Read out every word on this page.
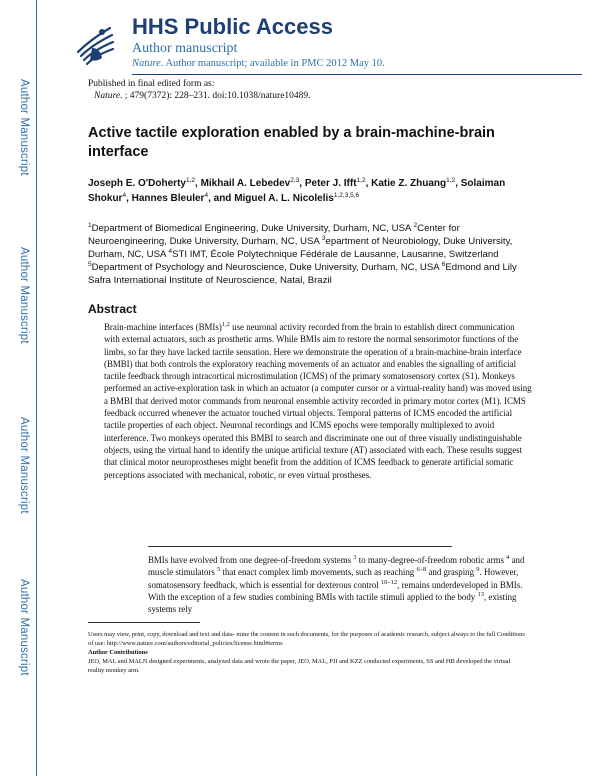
Author Manuscript
Author Manuscript
Author Manuscript
Author Manuscript
HHS Public Access
Author manuscript
Nature. Author manuscript; available in PMC 2012 May 10.
Published in final edited form as:
Nature. ; 479(7372): 228–231. doi:10.1038/nature10489.
Active tactile exploration enabled by a brain-machine-brain interface
Joseph E. O'Doherty$^{1,2}$, Mikhail A. Lebedev$^{2,3}$, Peter J. Ifft$^{1,2}$, Katie Z. Zhuang$^{1,2}$, Solaiman Shokur$^4$, Hannes Bleuler$^4$, and Miguel A. L. Nicolelis$^{1,2,3,5,6}$
$^1$Department of Biomedical Engineering, Duke University, Durham, NC, USA $^2$Center for Neuroengineering, Duke University, Durham, NC, USA $^3$epartment of Neurobiology, Duke University, Durham, NC, USA $^4$STI IMT, École Polytechnique Fédérale de Lausanne, Lausanne, Switzerland $^5$Department of Psychology and Neuroscience, Duke University, Durham, NC, USA $^6$Edmond and Lily Safra International Institute of Neuroscience, Natal, Brazil
Abstract
Brain-machine interfaces (BMIs)$^{1,2}$ use neuronal activity recorded from the brain to establish direct communication with external actuators, such as prosthetic arms. While BMIs aim to restore the normal sensorimotor functions of the limbs, so far they have lacked tactile sensation. Here we demonstrate the operation of a brain-machine-brain interface (BMBI) that both controls the exploratory reaching movements of an actuator and enables the signalling of artificial tactile feedback through intracortical microstimulation (ICMS) of the primary somatosensory cortex (S1). Monkeys performed an active-exploration task in which an actuator (a computer cursor or a virtual-reality hand) was moved using a BMBI that derived motor commands from neuronal ensemble activity recorded in primary motor cortex (M1). ICMS feedback occurred whenever the actuator touched virtual objects. Temporal patterns of ICMS encoded the artificial tactile properties of each object. Neuronal recordings and ICMS epochs were temporally multiplexed to avoid interference. Two monkeys operated this BMBI to search and discriminate one out of three visually undistinguishable objects, using the virtual hand to identify the unique artificial texture (AT) associated with each. These results suggest that clinical motor neuroprostheses might benefit from the addition of ICMS feedback to generate artificial somatic perceptions associated with mechanical, robotic, or even virtual prostheses.
BMIs have evolved from one degree-of-freedom systems $^3$ to many-degree-of-freedom robotic arms $^4$ and muscle stimulators $^5$ that enact complex limb movements, such as reaching $^{6-8}$ and grasping $^9$. However, somatosensory feedback, which is essential for dexterous control $^{10-12}$, remains underdeveloped in BMIs. With the exception of a few studies combining BMIs with tactile stimuli applied to the body $^{13}$, existing systems rely
Users may view, print, copy, download and text and data- mine the content in such documents, for the purposes of academic research, subject always to the full Conditions of use: http://www.nature.com/authors/editorial_policies/license.html#terms
Author Contributions
JEO, MAL and MALN designed experiments, analyzed data and wrote the paper, JEO, MAL, PJI and KZZ conducted experiments, SS and HB developed the virtual reality monkey arm.
